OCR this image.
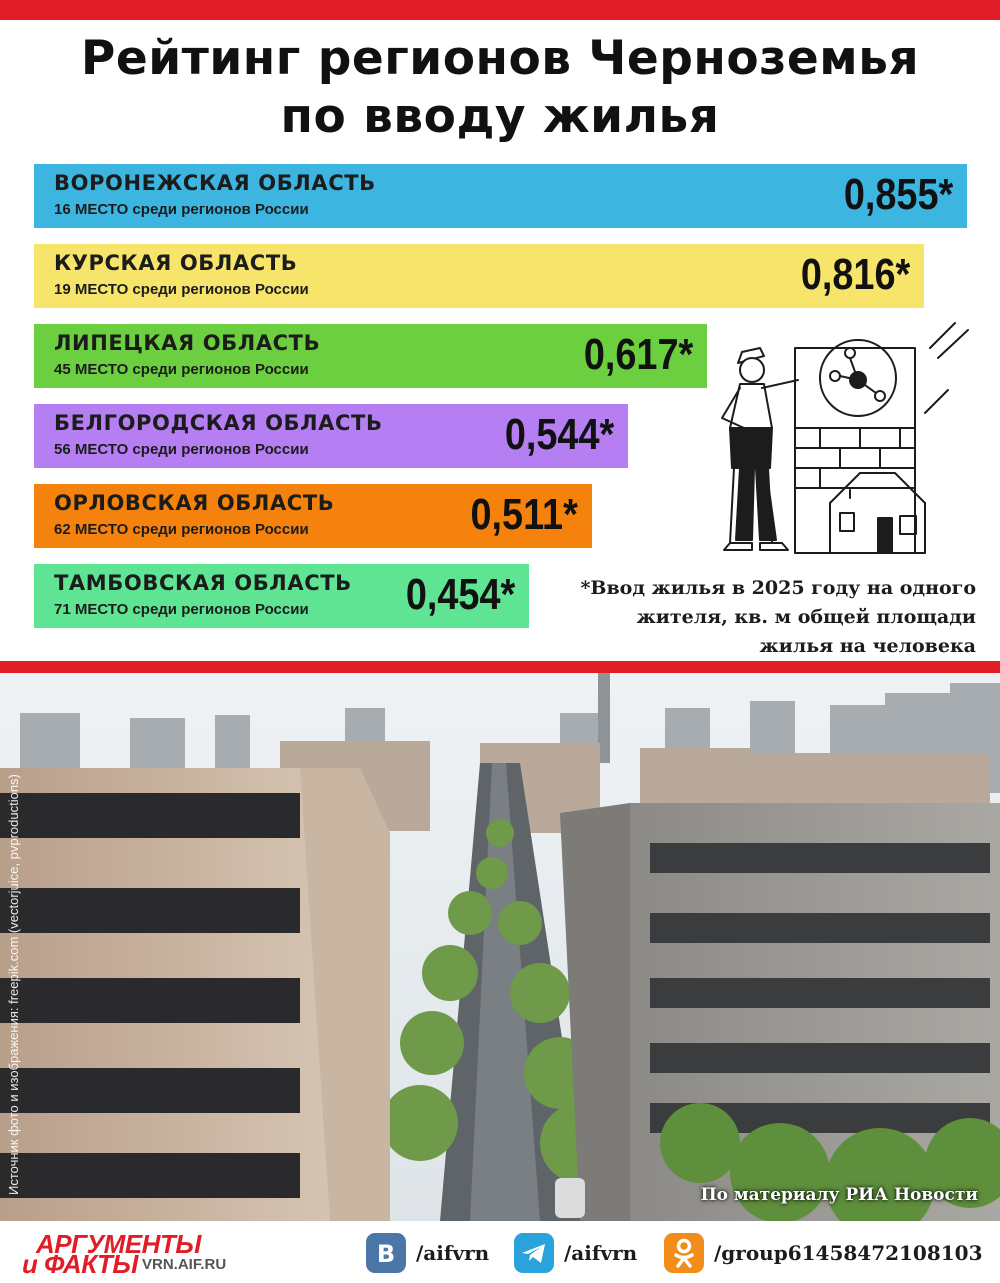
Рейтинг регионов Черноземья
по вводу жилья
ВОРОНЕЖСКАЯ ОБЛАСТЬ
16 МЕСТО среди регионов России	0,855*
КУРСКАЯ ОБЛАСТЬ
19 МЕСТО среди регионов России	0,816*
ЛИПЕЦКАЯ ОБЛАСТЬ
45 МЕСТО среди регионов России	0,617*
БЕЛГОРОДСКАЯ ОБЛАСТЬ
56 МЕСТО среди регионов России	0,544*
ОРЛОВСКАЯ ОБЛАСТЬ
62 МЕСТО среди регионов России	0,511*
ТАМБОВСКАЯ ОБЛАСТЬ
71 МЕСТО среди регионов России 0,454*	*Ввод жилья в 2025 году на одного
жителя, кв. м общей площади
жилья на человека
Источник фото и изображения: freepik.com (vectorjuice, pvproductions)	По материалу РИА Новости
АРГУМЕНТЫ
и ФАКТЫ VRN.AIF.RU	B /aifvrn	/aifvrn	/group61458472108103
